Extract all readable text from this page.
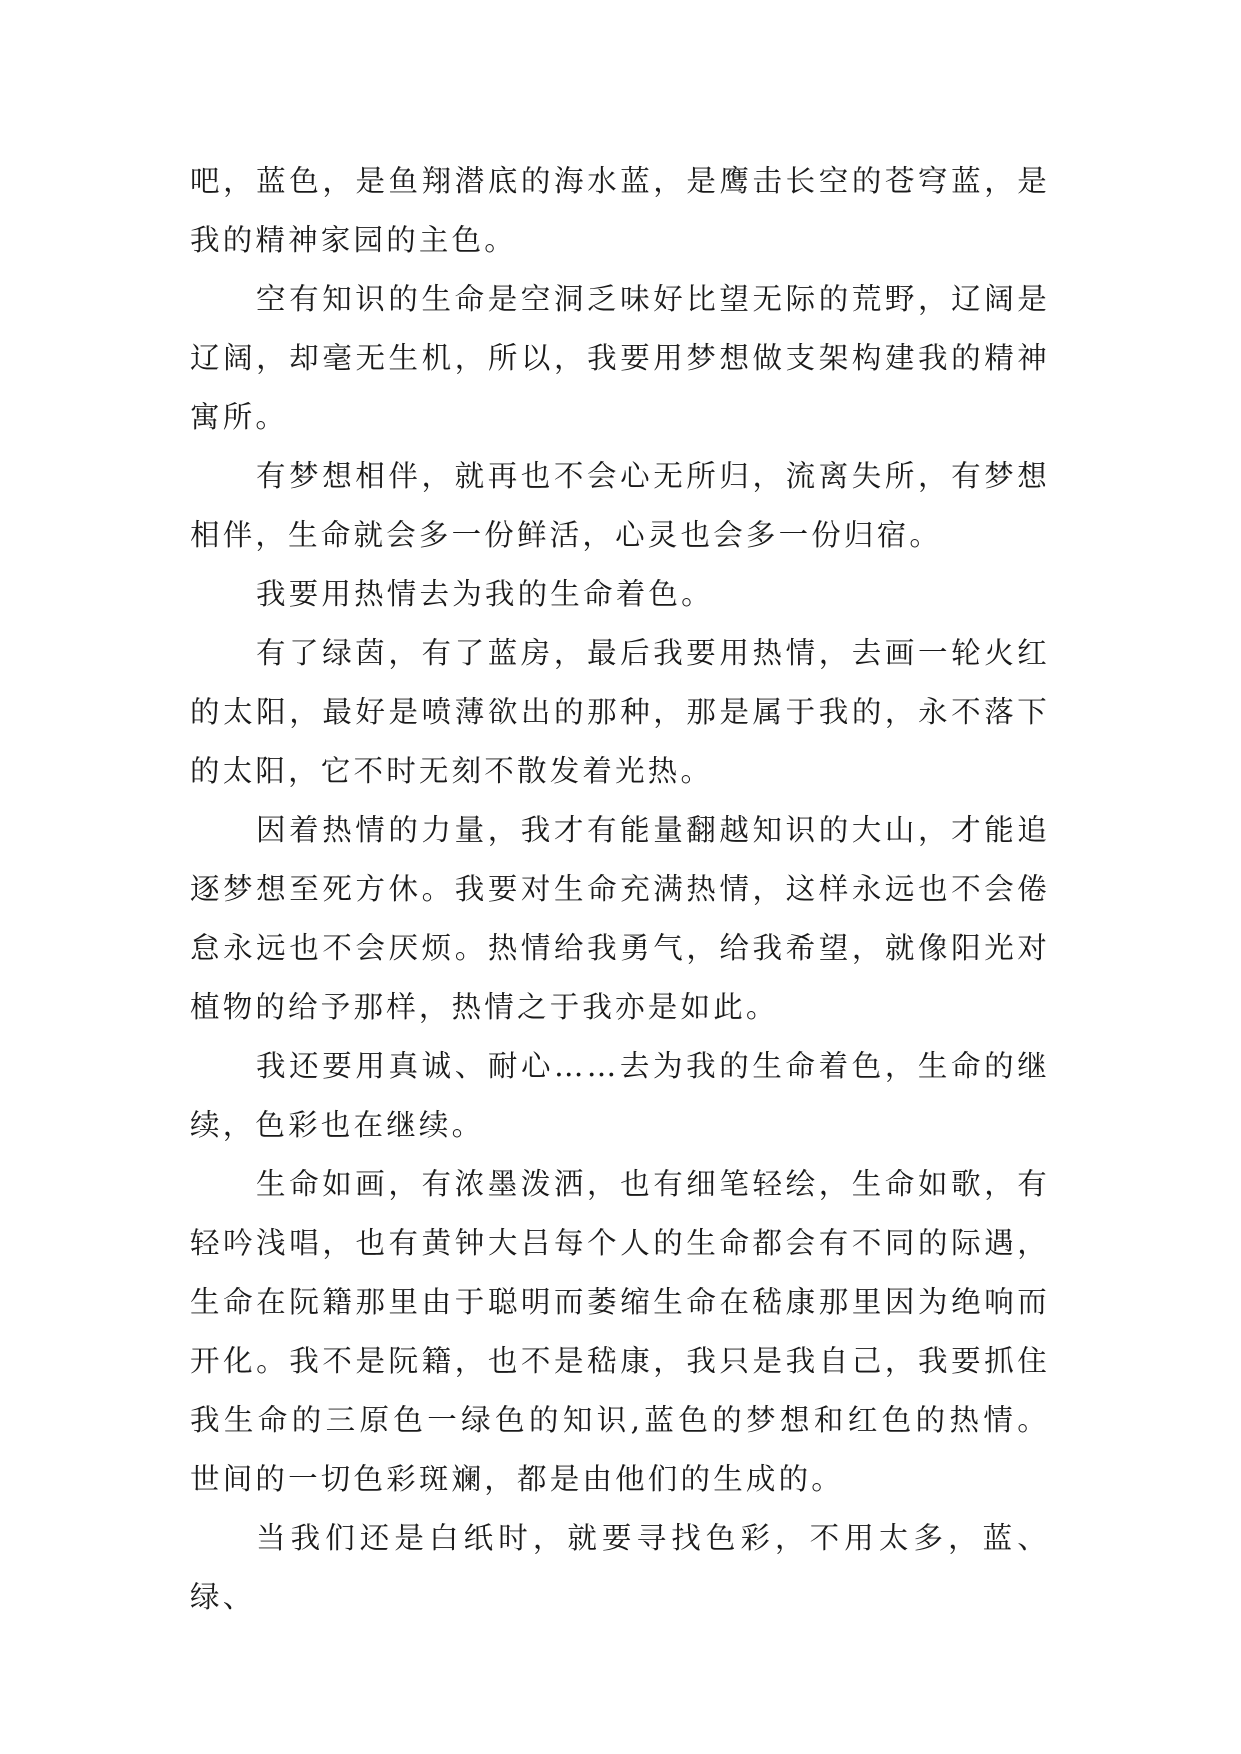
吧，蓝色，是鱼翔潜底的海水蓝，是鹰击长空的苍穹蓝，是我的精神家园的主色。

空有知识的生命是空洞乏味好比望无际的荒野，辽阔是辽阔，却毫无生机，所以，我要用梦想做支架构建我的精神寓所。

有梦想相伴，就再也不会心无所归，流离失所，有梦想相伴，生命就会多一份鲜活，心灵也会多一份归宿。

我要用热情去为我的生命着色。

有了绿茵，有了蓝房，最后我要用热情，去画一轮火红的太阳，最好是喷薄欲出的那种，那是属于我的，永不落下的太阳，它不时无刻不散发着光热。

因着热情的力量，我才有能量翻越知识的大山，才能追逐梦想至死方休。我要对生命充满热情，这样永远也不会倦怠永远也不会厌烦。热情给我勇气，给我希望，就像阳光对植物的给予那样，热情之于我亦是如此。

我还要用真诚、耐心……去为我的生命着色，生命的继续，色彩也在继续。

生命如画，有浓墨泼洒，也有细笔轻绘，生命如歌，有轻吟浅唱，也有黄钟大吕每个人的生命都会有不同的际遇，生命在阮籍那里由于聪明而萎缩生命在嵇康那里因为绝响而开化。我不是阮籍，也不是嵇康，我只是我自己，我要抓住我生命的三原色一绿色的知识,蓝色的梦想和红色的热情。世间的一切色彩斑斓，都是由他们的生成的。

当我们还是白纸时，就要寻找色彩，不用太多，蓝、绿、
